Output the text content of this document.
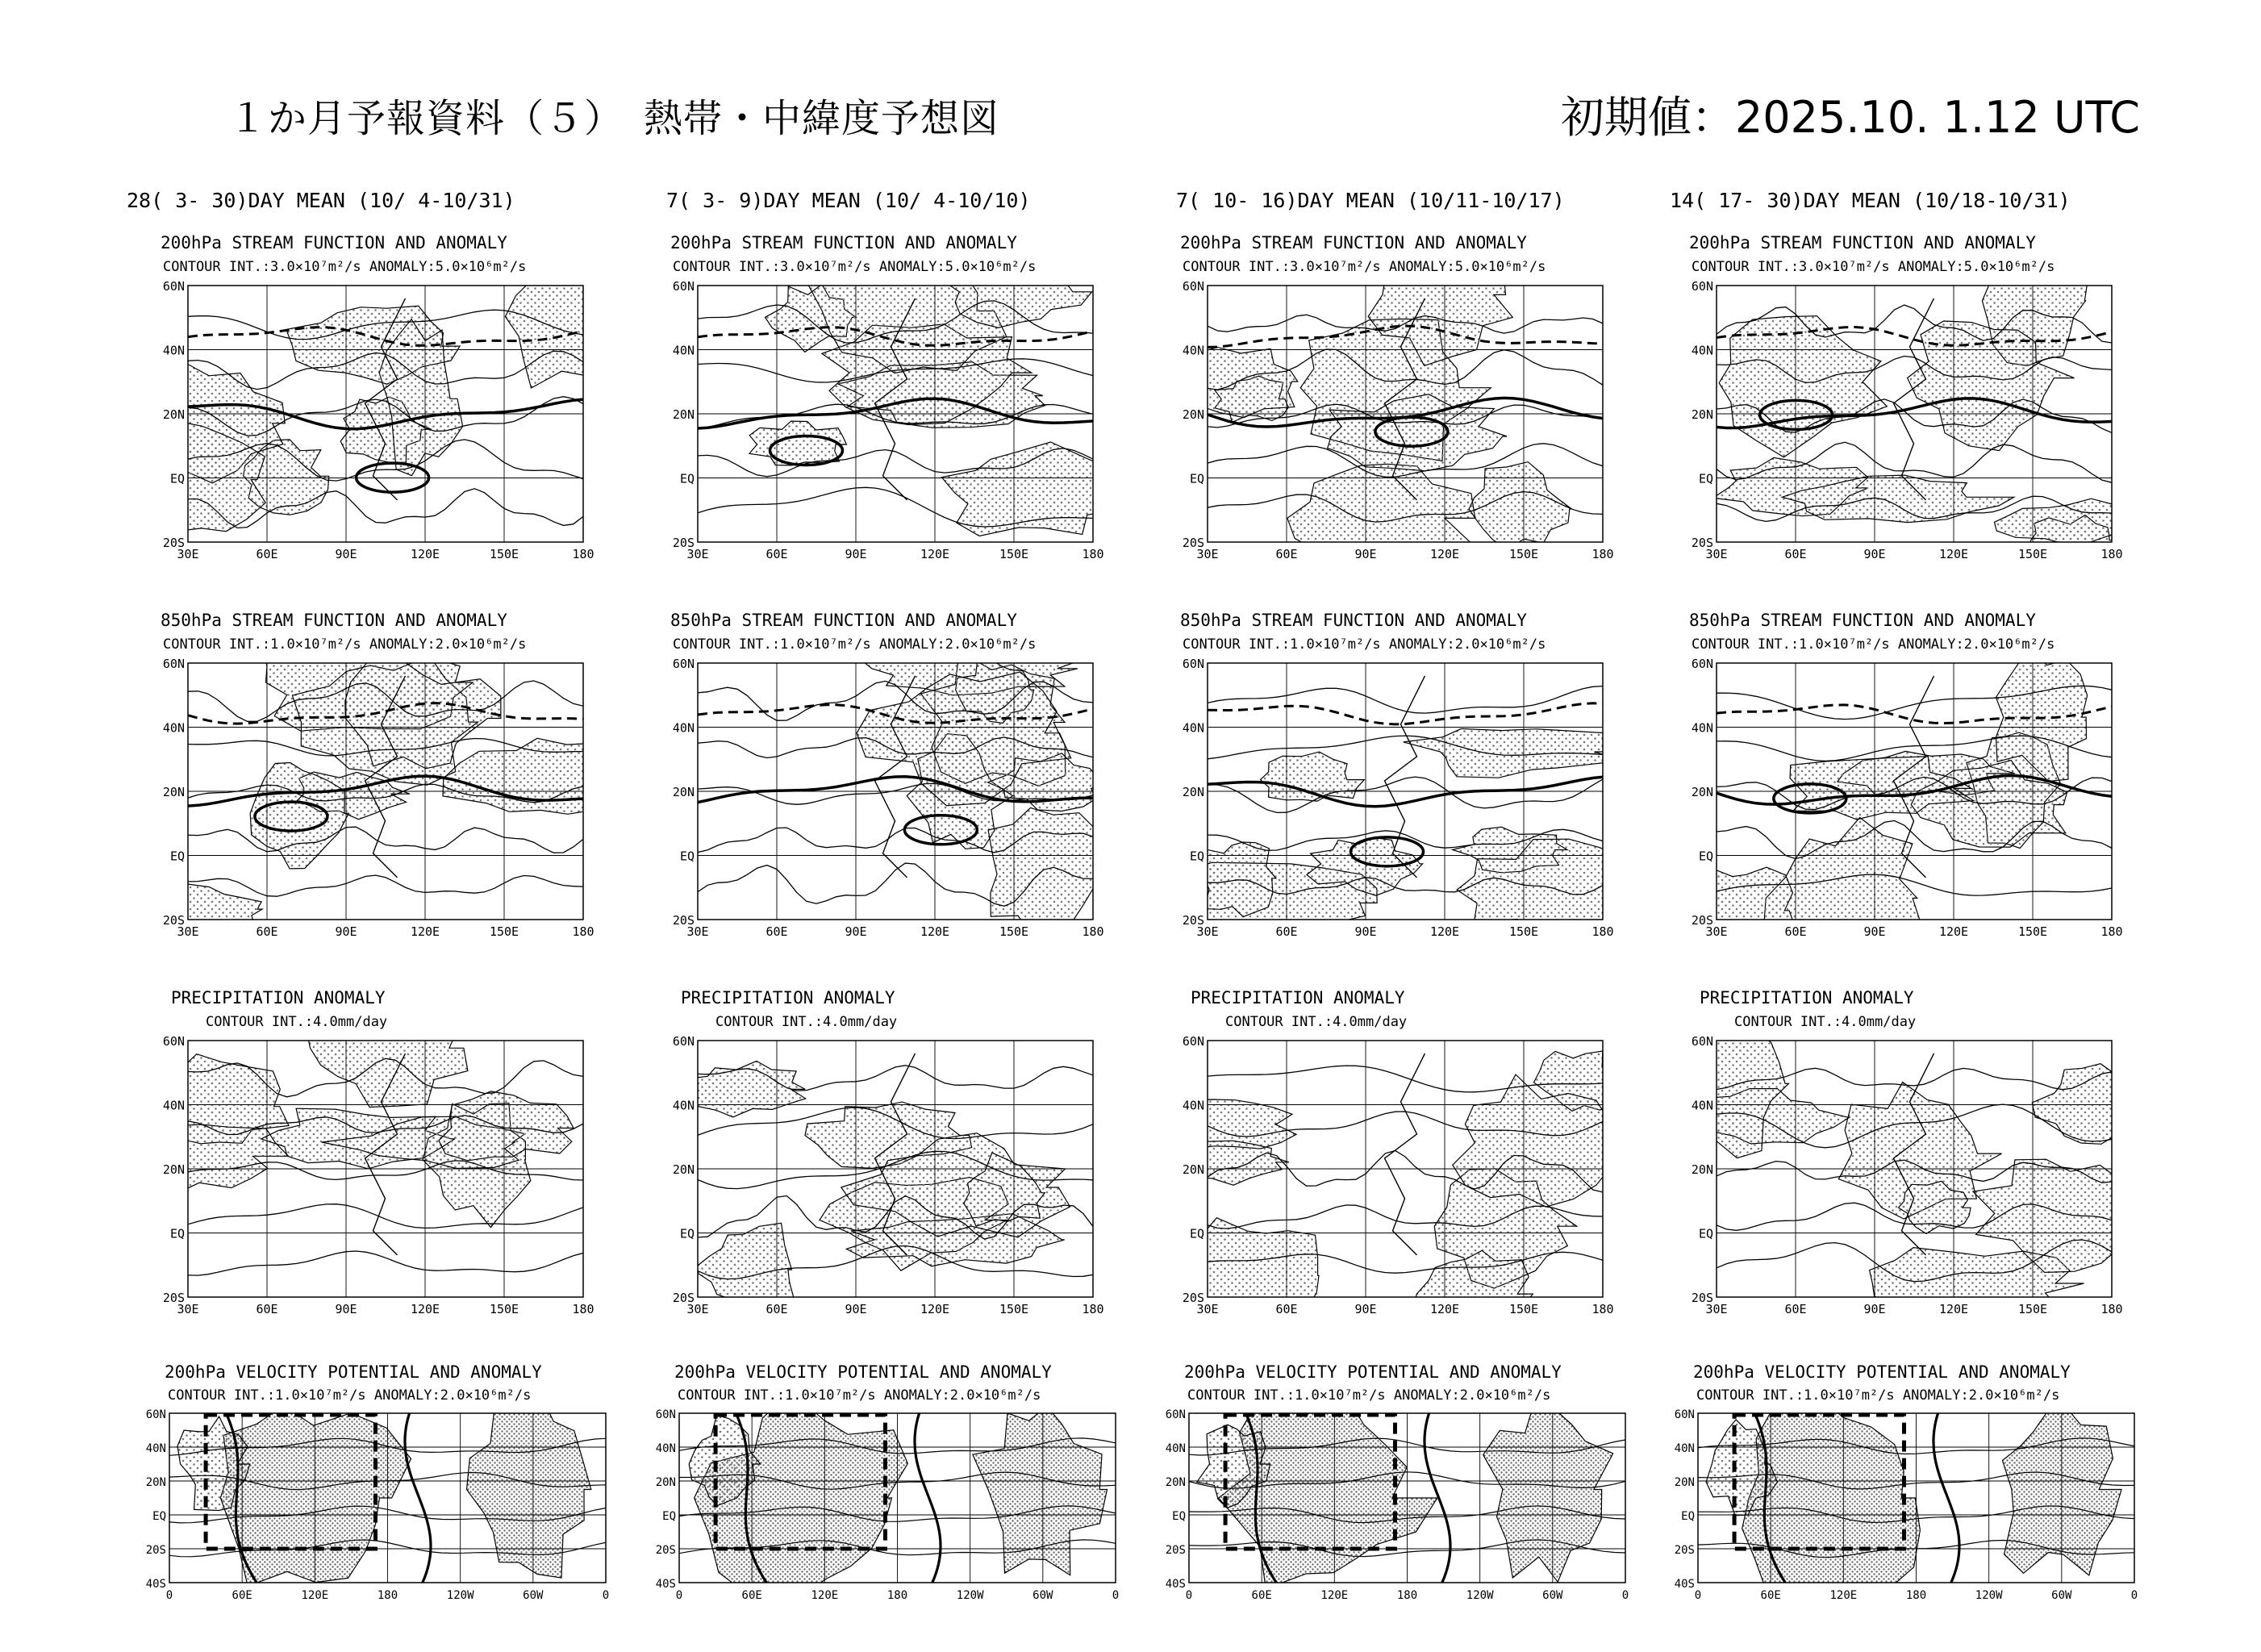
１か月予報資料（５）　熱帯・中緯度予想図	初期値：2025.10. 1.12 UTC
28( 3- 30)DAY MEAN (10/ 4-10/31)	7( 3- 9)DAY MEAN (10/ 4-10/10)	7( 10- 16)DAY MEAN (10/11-10/17)	14( 17- 30)DAY MEAN (10/18-10/31)
200hPa STREAM FUNCTION AND ANOMALY
CONTOUR INT.:3.0×10⁷m²/s ANOMALY:5.0×10⁶m²/s
60N
40N
20N
EQ
20S
30E	60E	90E	120E	150E	180
850hPa STREAM FUNCTION AND ANOMALY
CONTOUR INT.:1.0×10⁷m²/s ANOMALY:2.0×10⁶m²/s
60N
40N
20N
EQ
20S
30E	60E	90E	120E	150E	180
PRECIPITATION ANOMALY
CONTOUR INT.:4.0mm/day
60N
40N
20N
EQ
20S
30E	60E	90E	120E	150E	180
200hPa VELOCITY POTENTIAL AND ANOMALY
CONTOUR INT.:1.0×10⁷m²/s ANOMALY:2.0×10⁶m²/s
60N
40N
20N
EQ
20S
40S
0	60E	120E	180	120W	60W	0
200hPa STREAM FUNCTION AND ANOMALY
CONTOUR INT.:3.0×10⁷m²/s ANOMALY:5.0×10⁶m²/s
60N
40N
20N
EQ
20S
30E	60E	90E	120E	150E	180
850hPa STREAM FUNCTION AND ANOMALY
CONTOUR INT.:1.0×10⁷m²/s ANOMALY:2.0×10⁶m²/s
60N
40N
20N
EQ
20S
30E	60E	90E	120E	150E	180
PRECIPITATION ANOMALY
CONTOUR INT.:4.0mm/day
60N
40N
20N
EQ
20S
30E	60E	90E	120E	150E	180
200hPa VELOCITY POTENTIAL AND ANOMALY
CONTOUR INT.:1.0×10⁷m²/s ANOMALY:2.0×10⁶m²/s
60N
40N
20N
EQ
20S
40S
0	60E	120E	180	120W	60W	0
200hPa STREAM FUNCTION AND ANOMALY
CONTOUR INT.:3.0×10⁷m²/s ANOMALY:5.0×10⁶m²/s
60N
40N
20N
EQ
20S
30E	60E	90E	120E	150E	180
850hPa STREAM FUNCTION AND ANOMALY
CONTOUR INT.:1.0×10⁷m²/s ANOMALY:2.0×10⁶m²/s
60N
40N
20N
EQ
20S
30E	60E	90E	120E	150E	180
PRECIPITATION ANOMALY
CONTOUR INT.:4.0mm/day
60N
40N
20N
EQ
20S
30E	60E	90E	120E	150E	180
200hPa VELOCITY POTENTIAL AND ANOMALY
CONTOUR INT.:1.0×10⁷m²/s ANOMALY:2.0×10⁶m²/s
60N
40N
20N
EQ
20S
40S
0	60E	120E	180	120W	60W	0
200hPa STREAM FUNCTION AND ANOMALY
CONTOUR INT.:3.0×10⁷m²/s ANOMALY:5.0×10⁶m²/s
60N
40N
20N
EQ
20S
30E	60E	90E	120E	150E	180
850hPa STREAM FUNCTION AND ANOMALY
CONTOUR INT.:1.0×10⁷m²/s ANOMALY:2.0×10⁶m²/s
60N
40N
20N
EQ
20S
30E	60E	90E	120E	150E	180
PRECIPITATION ANOMALY
CONTOUR INT.:4.0mm/day
60N
40N
20N
EQ
20S
30E	60E	90E	120E	150E	180
200hPa VELOCITY POTENTIAL AND ANOMALY
CONTOUR INT.:1.0×10⁷m²/s ANOMALY:2.0×10⁶m²/s
60N
40N
20N
EQ
20S
40S
0	60E	120E	180	120W	60W	0
